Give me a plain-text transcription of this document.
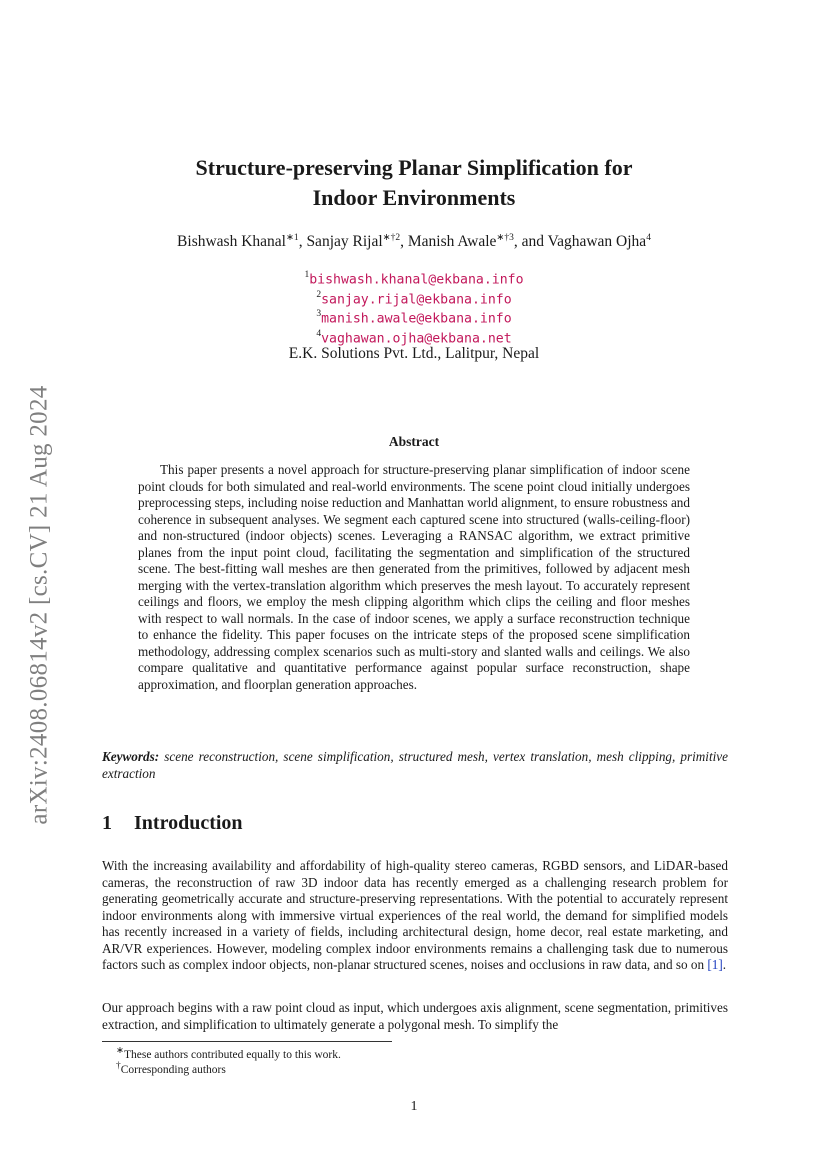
arXiv:2408.06814v2 [cs.CV] 21 Aug 2024
Structure-preserving Planar Simplification for
Indoor Environments
Bishwash Khanal$^{∗1}$, Sanjay Rijal$^{∗\dagger 2}$, Manish Awale$^{∗\dagger 3}$, and Vaghawan Ojha$^4$
$^1$bishwash.khanal@ekbana.info
$^2$sanjay.rijal@ekbana.info
$^3$manish.awale@ekbana.info
$^4$vaghawan.ojha@ekbana.net
E.K. Solutions Pvt. Ltd., Lalitpur, Nepal
Abstract

This paper presents a novel approach for structure-preserving planar simplification of indoor scene point clouds for both simulated and real-world environments. The scene point cloud initially undergoes preprocessing steps, including noise reduction and Manhattan world alignment, to ensure robustness and coherence in subsequent analyses. We segment each captured scene into structured (walls-ceiling-floor) and non-structured (indoor objects) scenes. Leveraging a RANSAC algorithm, we extract primitive planes from the input point cloud, facilitating the segmentation and simplification of the structured scene. The best-fitting wall meshes are then generated from the primitives, followed by adjacent mesh merging with the vertex-translation algorithm which preserves the mesh layout. To accurately represent ceilings and floors, we employ the mesh clipping algorithm which clips the ceiling and floor meshes with respect to wall normals. In the case of indoor scenes, we apply a surface reconstruction technique to enhance the fidelity. This paper focuses on the intricate steps of the proposed scene simplification methodology, addressing complex scenarios such as multi-story and slanted walls and ceilings. We also compare qualitative and quantitative performance against popular surface reconstruction, shape approximation, and floorplan generation approaches.

Keywords: scene reconstruction, scene simplification, structured mesh, vertex translation, mesh clipping, primitive extraction

1 Introduction

With the increasing availability and affordability of high-quality stereo cameras, RGBD sensors, and LiDAR-based cameras, the reconstruction of raw 3D indoor data has recently emerged as a challenging research problem for generating geometrically accurate and structure-preserving representations. With the potential to accurately represent indoor environments along with immersive virtual experiences of the real world, the demand for simplified models has recently increased in a variety of fields, including architectural design, home decor, real estate marketing, and AR/VR experiences. However, modeling complex indoor environments remains a challenging task due to numerous factors such as complex indoor objects, non-planar structured scenes, noises and occlusions in raw data, and so on [1].

Our approach begins with a raw point cloud as input, which undergoes axis alignment, scene segmentation, primitives extraction, and simplification to ultimately generate a polygonal mesh. To simplify the

∗These authors contributed equally to this work.
†Corresponding authors
1
